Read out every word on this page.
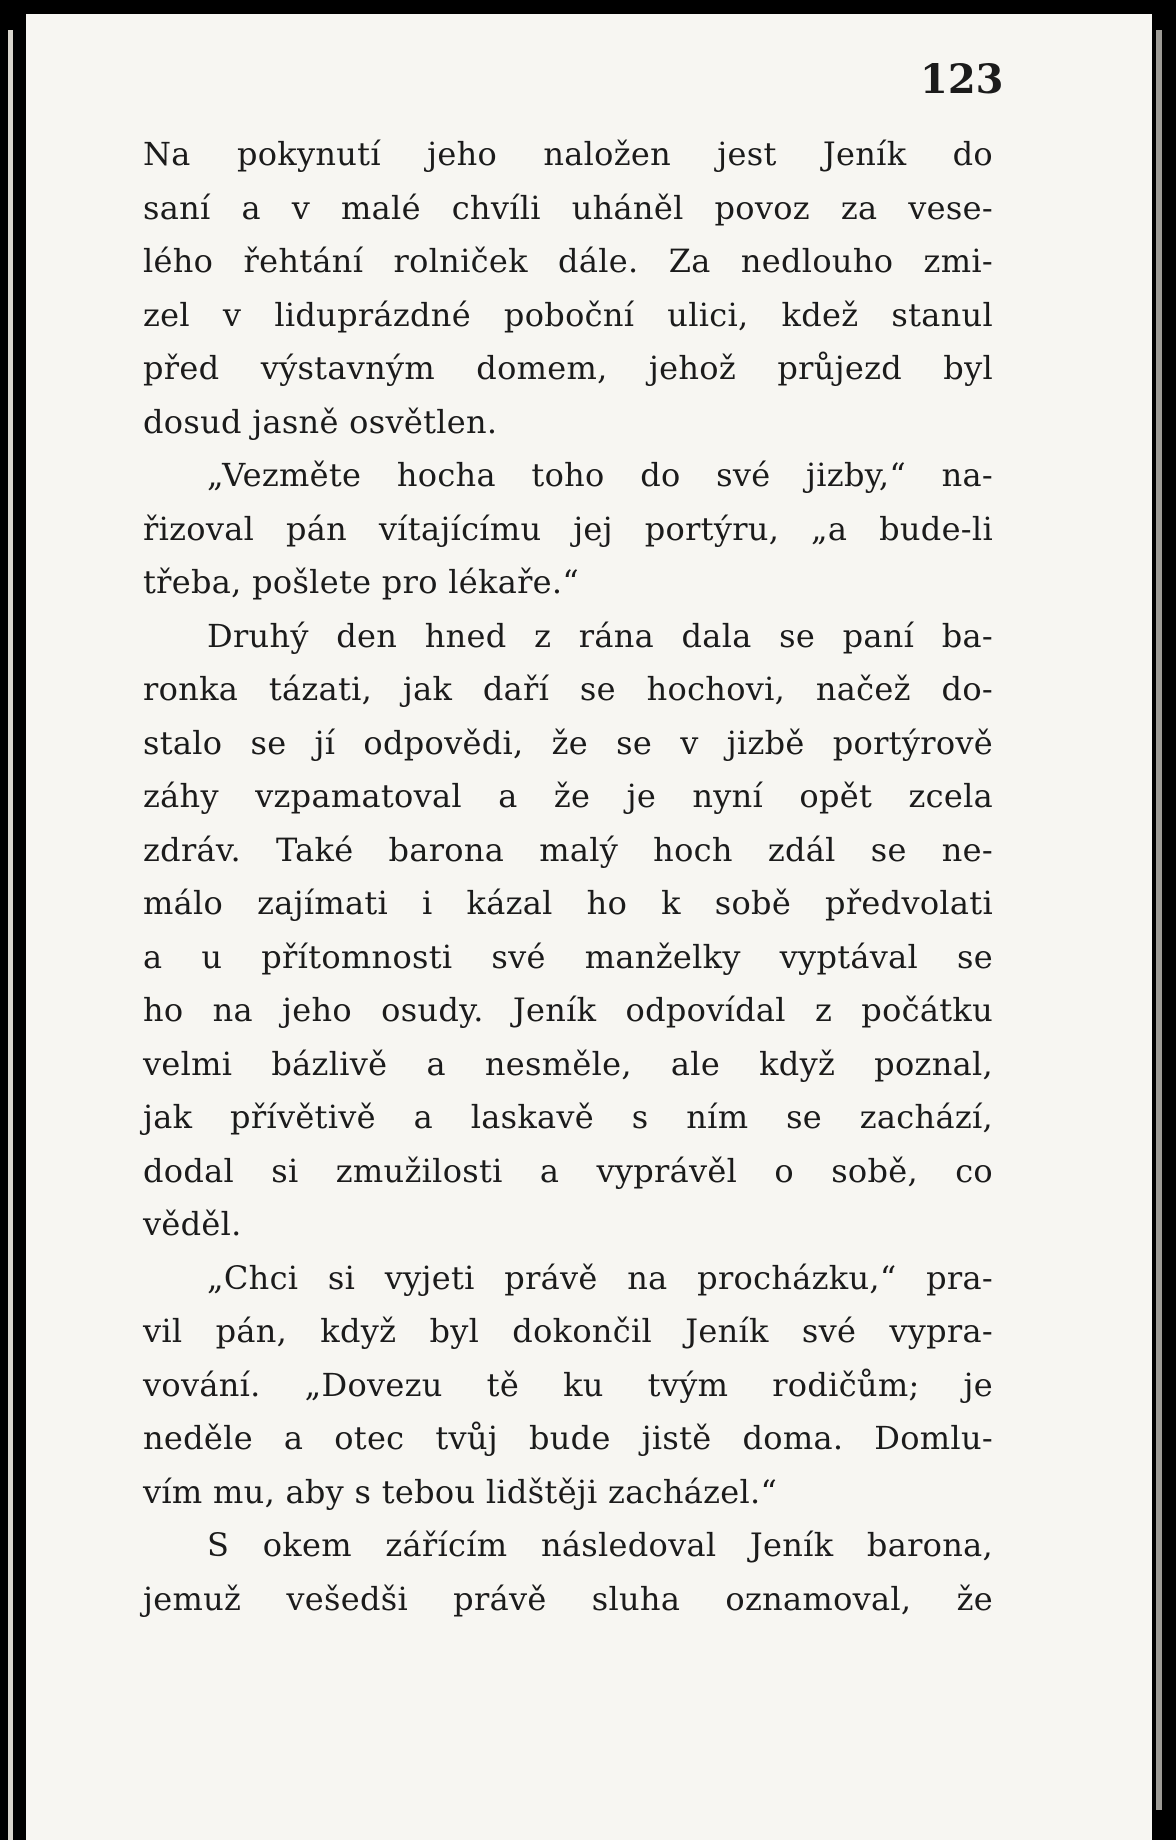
123
Na pokynutí jeho naložen jest Jeník do
saní a v malé chvíli uháněl povoz za vese-
lého řehtání rolniček dále. Za nedlouho zmi-
zel v liduprázdné poboční ulici, kdež stanul
před výstavným domem, jehož průjezd byl
dosud jasně osvětlen.
„Vezměte hocha toho do své jizby,“ na-
řizoval pán vítajícímu jej portýru, „a bude-li
třeba, pošlete pro lékaře.“
Druhý den hned z rána dala se paní ba-
ronka tázati, jak daří se hochovi, načež do-
stalo se jí odpovědi, že se v jizbě portýrově
záhy vzpamatoval a že je nyní opět zcela
zdráv. Také barona malý hoch zdál se ne-
málo zajímati i kázal ho k sobě předvolati
a u přítomnosti své manželky vyptával se
ho na jeho osudy. Jeník odpovídal z počátku
velmi bázlivě a nesměle, ale když poznal,
jak přívětivě a laskavě s ním se zachází,
dodal si zmužilosti a vyprávěl o sobě, co
věděl.
„Chci si vyjeti právě na procházku,“ pra-
vil pán, když byl dokončil Jeník své vypra-
vování. „Dovezu tě ku tvým rodičům; je
neděle a otec tvůj bude jistě doma. Domlu-
vím mu, aby s tebou lidštěji zacházel.“
S okem zářícím následoval Jeník barona,
jemuž vešedši právě sluha oznamoval, že
